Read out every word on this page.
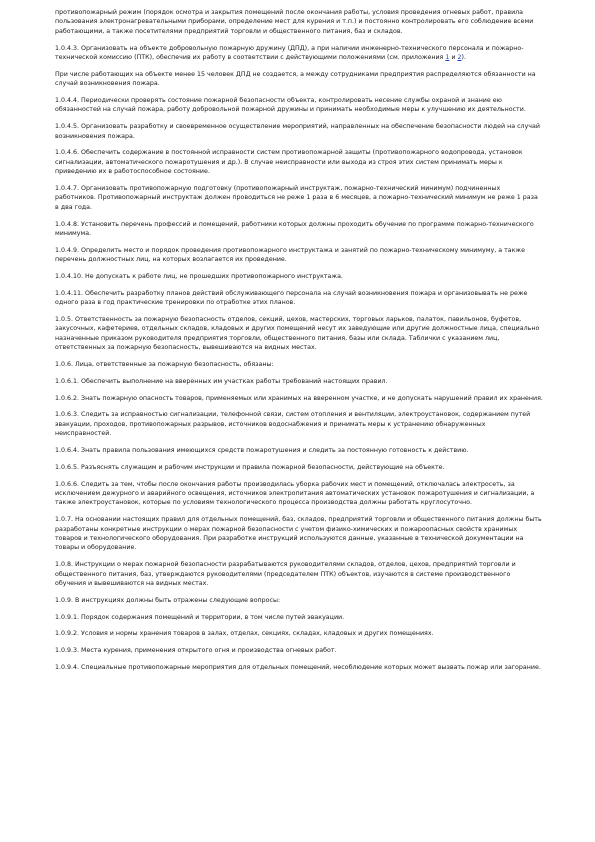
противопожарный режим (порядок осмотра и закрытия помещений после окончания работы, условия проведения огневых работ, правила пользования электронагревательными приборами, определение мест для курения и т.п.) и постоянно контролировать его соблюдение всеми работающими, а также посетителями предприятий торговли и общественного питания, баз и складов.

1.0.4.3. Организовать на объекте добровольную пожарную дружину (ДПД), а при наличии инженерно-технического персонала и пожарно-технической комиссию (ПТК), обеспечив их работу в соответствии с действующими положениями (см. приложения 1 и 2).

При числе работающих на объекте менее 15 человек ДПД не создается, а между сотрудниками предприятия распределяются обязанности на случай возникновения пожара.

1.0.4.4. Периодически проверять состояние пожарной безопасности объекта, контролировать несение службы охраной и знание ею обязанностей на случай пожара, работу добровольной пожарной дружины и принимать необходимые меры к улучшению их деятельности.

1.0.4.5. Организовать разработку и своевременное осуществление мероприятий, направленных на обеспечение безопасности людей на случай возникновения пожара.

1.0.4.6. Обеспечить содержание в постоянной исправности систем противопожарной защиты (противопожарного водопровода, установок сигнализации, автоматического пожаротушения и др.). В случае неисправности или выхода из строя этих систем принимать меры к приведению их в работоспособное состояние.

1.0.4.7. Организовать противопожарную подготовку (противопожарный инструктаж, пожарно-технический минимум) подчиненных работников. Противопожарный инструктаж должен проводиться не реже 1 раза в 6 месяцев, а пожарно-технический минимум не реже 1 раза в два года.

1.0.4.8. Установить перечень профессий и помещений, работники которых должны проходить обучение по программе пожарно-технического минимума.

1.0.4.9. Определить место и порядок проведения противопожарного инструктажа и занятий по пожарно-техническому минимуму, а также перечень должностных лиц, на которых возлагается их проведение.

1.0.4.10. Не допускать к работе лиц, не прошедших противопожарного инструктажа.

1.0.4.11. Обеспечить разработку планов действий обслуживающего персонала на случай возникновения пожара и организовывать не реже одного раза в год практические тренировки по отработке этих планов.

1.0.5. Ответственность за пожарную безопасность отделов, секций, цехов, мастерских, торговых ларьков, палаток, павильонов, буфетов, закусочных, кафетериев, отдельных складов, кладовых и других помещений несут их заведующие или другие должностные лица, специально назначенные приказом руководителя предприятия торговли, общественного питания, базы или склада. Таблички с указанием лиц, ответственных за пожарную безопасность, вывешиваются на видных местах.

1.0.6. Лица, ответственные за пожарную безопасность, обязаны:

1.0.6.1. Обеспечить выполнение на вверенных им участках работы требований настоящих правил.

1.0.6.2. Знать пожарную опасность товаров, применяемых или хранимых на вверенном участке, и не допускать нарушений правил их хранения.

1.0.6.3. Следить за исправностью сигнализации, телефонной связи, систем отопления и вентиляции, электроустановок, содержанием путей эвакуации, проходов, противопожарных разрывов, источников водоснабжения и принимать меры к устранению обнаруженных неисправностей.

1.0.6.4. Знать правила пользования имеющихся средств пожаротушения и следить за постоянную готовность к действию.

1.0.6.5. Разъяснять служащим и рабочим инструкции и правила пожарной безопасности, действующие на объекте.

1.0.6.6. Следить за тем, чтобы после окончания работы производилась уборка рабочих мест и помещений, отключалась электросеть, за исключением дежурного и аварийного освещения, источников электропитания автоматических установок пожаротушения и сигнализации, а также электроустановок, которые по условиям технологического процесса производства должны работать круглосуточно.

1.0.7. На основании настоящих правил для отдельных помещений, баз, складов, предприятий торговли и общественного питания должны быть разработаны конкретные инструкции о мерах пожарной безопасности с учетом физико-химических и пожароопасных свойств хранимых товаров и технологического оборудования. При разработке инструкций используются данные, указанные в технической документации на товары и оборудование.

1.0.8. Инструкции о мерах пожарной безопасности разрабатываются руководителями складов, отделов, цехов, предприятий торговли и общественного питания, баз, утверждаются руководителями (председателем ПТК) объектов, изучаются в системе производственного обучения и вывешиваются на видных местах.

1.0.9. В инструкциях должны быть отражены следующие вопросы:

1.0.9.1. Порядок содержания помещений и территории, в том числе путей эвакуации.

1.0.9.2. Условия и нормы хранения товаров в залах, отделах, секциях, складах, кладовых и других помещениях.

1.0.9.3. Места курения, применения открытого огня и производства огневых работ.

1.0.9.4. Специальные противопожарные мероприятия для отдельных помещений, несоблюдение которых может вызвать пожар или загорание.
